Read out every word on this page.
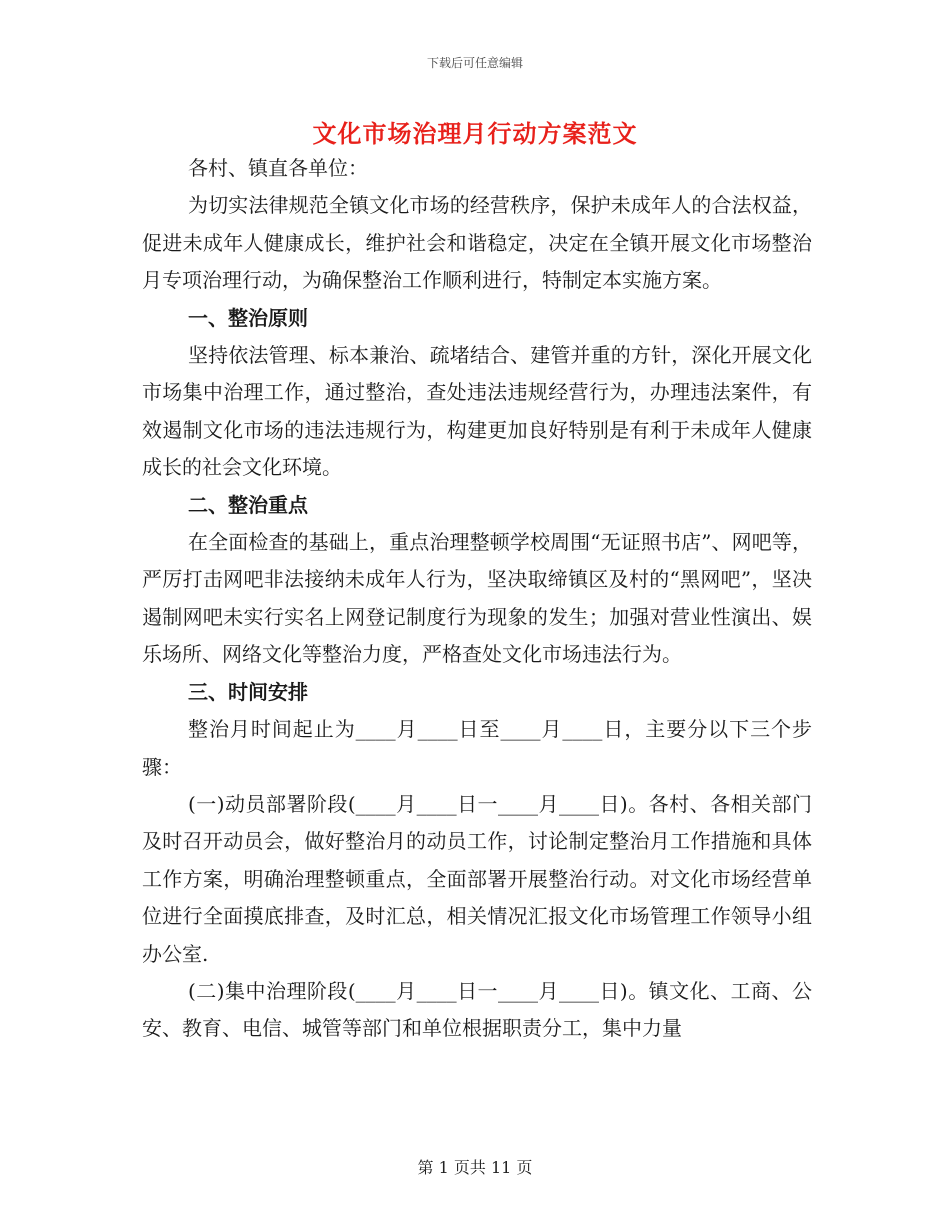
下载后可任意编辑
文化市场治理月行动方案范文

各村、镇直各单位：

为切实法律规范全镇文化市场的经营秩序，保护未成年人的合法权益，促进未成年人健康成长，维护社会和谐稳定，决定在全镇开展文化市场整治月专项治理行动，为确保整治工作顺利进行，特制定本实施方案。

一、整治原则

坚持依法管理、标本兼治、疏堵结合、建管并重的方针，深化开展文化市场集中治理工作，通过整治，查处违法违规经营行为，办理违法案件，有效遏制文化市场的违法违规行为，构建更加良好特别是有利于未成年人健康成长的社会文化环境。

二、整治重点

在全面检查的基础上，重点治理整顿学校周围“无证照书店”、网吧等，严厉打击网吧非法接纳未成年人行为，坚决取缔镇区及村的“黑网吧”，坚决遏制网吧未实行实名上网登记制度行为现象的发生；加强对营业性演出、娱乐场所、网络文化等整治力度，严格查处文化市场违法行为。

三、时间安排

整治月时间起止为____月____日至____月____日，主要分以下三个步骤：

(一)动员部署阶段(____月____日一____月____日)。各村、各相关部门及时召开动员会，做好整治月的动员工作，讨论制定整治月工作措施和具体工作方案，明确治理整顿重点，全面部署开展整治行动。对文化市场经营单位进行全面摸底排查，及时汇总，相关情况汇报文化市场管理工作领导小组办公室.

(二)集中治理阶段(____月____日一____月____日)。镇文化、工商、公安、教育、电信、城管等部门和单位根据职责分工，集中力量

第 1 页共 11 页
